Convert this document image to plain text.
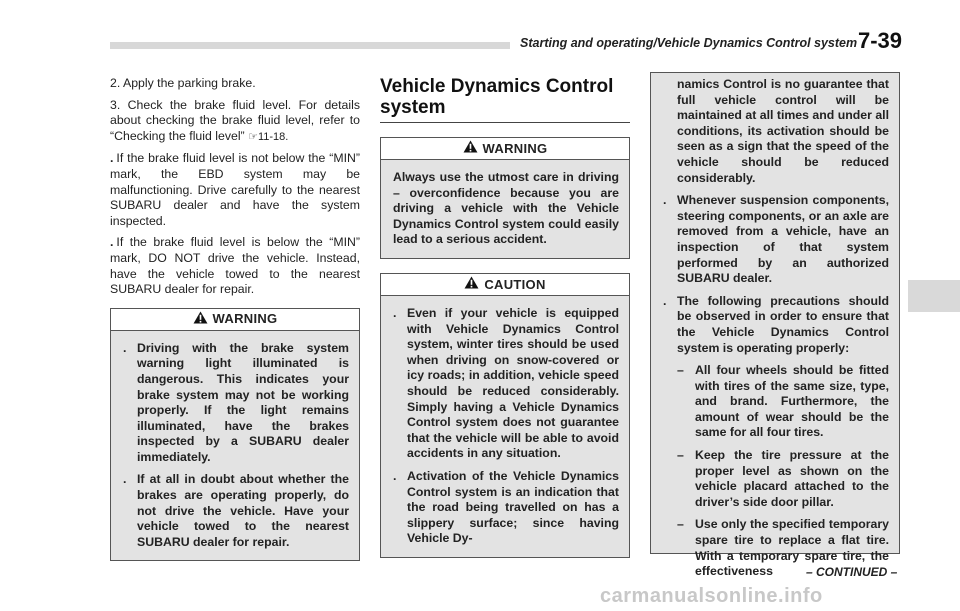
Starting and operating/Vehicle Dynamics Control system 7-39
2. Apply the parking brake.
3. Check the brake fluid level. For details about checking the brake fluid level, refer to “Checking the fluid level” ☞11-18.
. If the brake fluid level is not below the “MIN” mark, the EBD system may be malfunctioning. Drive carefully to the nearest SUBARU dealer and have the system inspected.
. If the brake fluid level is below the “MIN” mark, DO NOT drive the vehicle. Instead, have the vehicle towed to the nearest SUBARU dealer for repair.
WARNING
. Driving with the brake system warning light illuminated is dangerous. This indicates your brake system may not be working properly. If the light remains illuminated, have the brakes inspected by a SUBARU dealer immediately.
. If at all in doubt about whether the brakes are operating properly, do not drive the vehicle. Have your vehicle towed to the nearest SUBARU dealer for repair.
Vehicle Dynamics Control system
WARNING
Always use the utmost care in driving – overconfidence because you are driving a vehicle with the Vehicle Dynamics Control system could easily lead to a serious accident.
CAUTION
. Even if your vehicle is equipped with Vehicle Dynamics Control system, winter tires should be used when driving on snow-covered or icy roads; in addition, vehicle speed should be reduced considerably. Simply having a Vehicle Dynamics Control system does not guarantee that the vehicle will be able to avoid accidents in any situation.
. Activation of the Vehicle Dynamics Control system is an indication that the road being travelled on has a slippery surface; since having Vehicle Dy-
namics Control is no guarantee that full vehicle control will be maintained at all times and under all conditions, its activation should be seen as a sign that the speed of the vehicle should be reduced considerably.
. Whenever suspension components, steering components, or an axle are removed from a vehicle, have an inspection of that system performed by an authorized SUBARU dealer.
. The following precautions should be observed in order to ensure that the Vehicle Dynamics Control system is operating properly:
– All four wheels should be fitted with tires of the same size, type, and brand. Furthermore, the amount of wear should be the same for all four tires.
– Keep the tire pressure at the proper level as shown on the vehicle placard attached to the driver’s side door pillar.
– Use only the specified temporary spare tire to replace a flat tire. With a temporary spare tire, the effectiveness	– CONTINUED –
carmanualsonline.info
